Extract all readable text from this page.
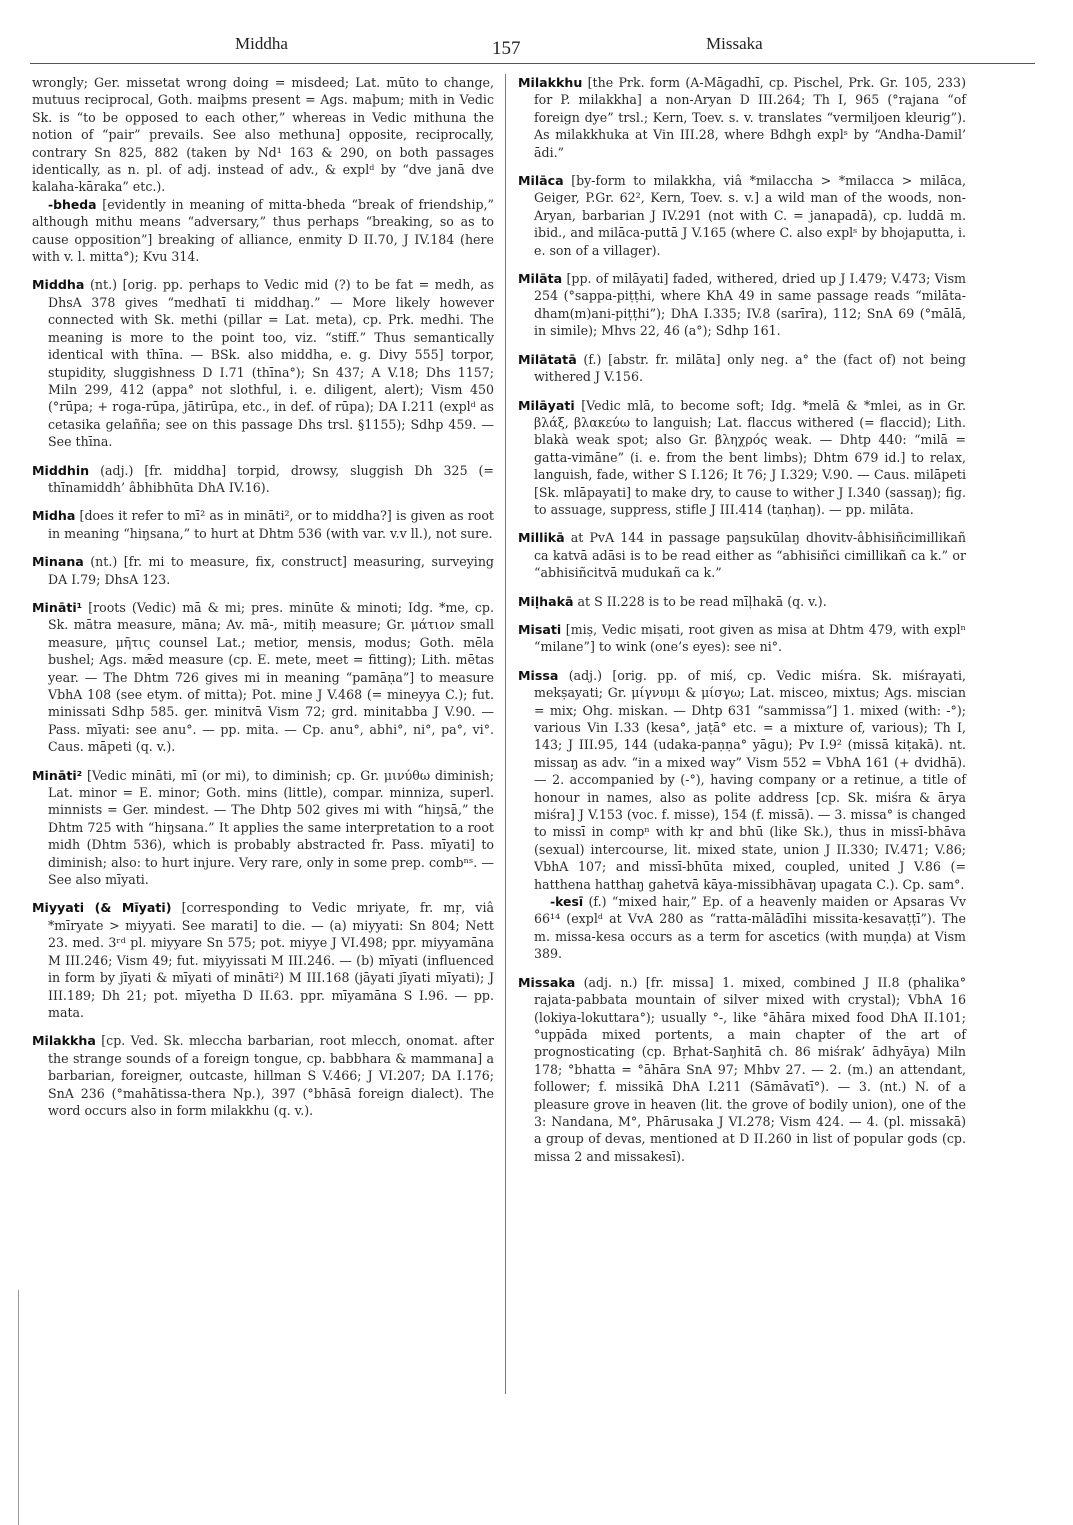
Middha	157	Missaka

wrongly; Ger. missetat wrong doing = misdeed; Lat. mūto to change, mutuus reciprocal, Goth. maiþms present = Ags. maþum; mith in Vedic Sk. is “to be opposed to each other,” whereas in Vedic mithuna the notion of “pair” prevails. See also methuna] opposite, reciprocally, contrary Sn 825, 882 (taken by Nd¹ 163 & 290, on both passages identically, as n. pl. of adj. instead of adv., & explᵈ by “dve janā dve kalaha-kāraka” etc.).
-bheda [evidently in meaning of mitta-bheda “break of friendship,” although mithu means “adversary,” thus perhaps “breaking, so as to cause opposition”] breaking of alliance, enmity D II.70, J IV.184 (here with v. l. mitta°); Kvu 314.

Middha (nt.) [orig. pp. perhaps to Vedic mid (?) to be fat = medh, as DhsA 378 gives “medhatī ti middhaŋ.” — More likely however connected with Sk. methi (pillar = Lat. meta), cp. Prk. medhi. The meaning is more to the point too, viz. “stiff.” Thus semantically identical with thīna. — BSk. also middha, e. g. Divy 555] torpor, stupidity, sluggishness D I.71 (thīna°); Sn 437; A V.18; Dhs 1157; Miln 299, 412 (appa° not slothful, i. e. diligent, alert); Vism 450 (°rūpa; + roga-rūpa, jātirūpa, etc., in def. of rūpa); DA I.211 (explᵈ as cetasika gelañña; see on this passage Dhs trsl. §1155); Sdhp 459. — See thīna.

Middhin (adj.) [fr. middha] torpid, drowsy, sluggish Dh 325 (= thīnamiddh’ âbhibhūta DhA IV.16).

Midha [does it refer to mī² as in mināti², or to middha?] is given as root in meaning “hiŋsana,” to hurt at Dhtm 536 (with var. v.v ll.), not sure.

Minana (nt.) [fr. mi to measure, fix, construct] measuring, surveying DA I.79; DhsA 123.

Mināti¹ [roots (Vedic) mā & mi; pres. minūte & minoti; Idg. *me, cp. Sk. mātra measure, māna; Av. mā-, mitiḥ measure; Gr. μάτιον small measure, μῆτις counsel Lat.; metior, mensis, modus; Goth. mēla bushel; Ags. mǣd measure (cp. E. mete, meet = fitting); Lith. mētas year. — The Dhtm 726 gives mi in meaning “pamāṇa”] to measure VbhA 108 (see etym. of mitta); Pot. mine J V.468 (= mineyya C.); fut. minissati Sdhp 585. ger. minitvā Vism 72; grd. minitabba J V.90. — Pass. mīyati: see anu°. — pp. mita. — Cp. anu°, abhi°, ni°, pa°, vi°. Caus. māpeti (q. v.).

Mināti² [Vedic mināti, mī (or mi), to diminish; cp. Gr. μινύθω diminish; Lat. minor = E. minor; Goth. mins (little), compar. minniza, superl. minnists = Ger. mindest. — The Dhtp 502 gives mi with “hiŋsā,” the Dhtm 725 with “hiŋsana.” It applies the same interpretation to a root midh (Dhtm 536), which is probably abstracted fr. Pass. mīyati] to diminish; also: to hurt injure. Very rare, only in some prep. combⁿˢ. — See also mīyati.

Miyyati (& Mīyati) [corresponding to Vedic mriyate, fr. mṛ, viâ *mīryate > miyyati. See marati] to die. — (a) miyyati: Sn 804; Nett 23. med. 3ʳᵈ pl. miyyare Sn 575; pot. miyye J VI.498; ppr. miyyamāna M III.246; Vism 49; fut. miyyissati M III.246. — (b) mīyati (influenced in form by jīyati & mīyati of mināti²) M III.168 (jāyati jīyati mīyati); J III.189; Dh 21; pot. mīyetha D II.63. ppr. mīyamāna S I.96. — pp. mata.

Milakkha [cp. Ved. Sk. mleccha barbarian, root mlecch, onomat. after the strange sounds of a foreign tongue, cp. babbhara & mammana] a barbarian, foreigner, outcaste, hillman S V.466; J VI.207; DA I.176; SnA 236 (°mahātissa-thera Np.), 397 (°bhāsā foreign dialect). The word occurs also in form milakkhu (q. v.).

Milakkhu [the Prk. form (A-Māgadhī, cp. Pischel, Prk. Gr. 105, 233) for P. milakkha] a non-Aryan D III.264; Th I, 965 (°rajana “of foreign dye” trsl.; Kern, Toev. s. v. translates “vermiljoen kleurig”). As milakkhuka at Vin III.28, where Bdhgh explˢ by “Andha-Damil’ ādi.”

Milāca [by-form to milakkha, viâ *milaccha > *milacca > milāca, Geiger, P.Gr. 62², Kern, Toev. s. v.] a wild man of the woods, non-Aryan, barbarian J IV.291 (not with C. = janapadā), cp. luddā m. ibid., and milāca-puttā J V.165 (where C. also explˢ by bhojaputta, i. e. son of a villager).

Milāta [pp. of milāyati] faded, withered, dried up J I.479; V.473; Vism 254 (°sappa-piṭṭhi, where KhA 49 in same passage reads “milāta-dham(m)ani-piṭṭhi”); DhA I.335; IV.8 (sarīra), 112; SnA 69 (°mālā, in simile); Mhvs 22, 46 (a°); Sdhp 161.

Milātatā (f.) [abstr. fr. milāta] only neg. a° the (fact of) not being withered J V.156.

Milāyati [Vedic mlā, to become soft; Idg. *melā & *mlei, as in Gr. βλάξ, βλακεύω to languish; Lat. flaccus withered (= flaccid); Lith. blakà weak spot; also Gr. βληχρός weak. — Dhtp 440: “milā = gatta-vimāne” (i. e. from the bent limbs); Dhtm 679 id.] to relax, languish, fade, wither S I.126; It 76; J I.329; V.90. — Caus. milāpeti [Sk. mlāpayati] to make dry, to cause to wither J I.340 (sassaŋ); fig. to assuage, suppress, stifle J III.414 (taṇhaŋ). — pp. milāta.

Millikā at PvA 144 in passage paŋsukūlaŋ dhovitv-âbhisiñcimillikañ ca katvā adāsi is to be read either as “abhisiñci cimillikañ ca k.” or “abhisiñcitvā mudukañ ca k.”

Miḷhakā at S II.228 is to be read mīḷhakā (q. v.).

Misati [miṣ, Vedic miṣati, root given as misa at Dhtm 479, with explⁿ “milane”] to wink (one’s eyes): see ni°.

Missa (adj.) [orig. pp. of miś, cp. Vedic miśra. Sk. miśrayati, mekṣayati; Gr. μίγνυμι & μίσγω; Lat. misceo, mixtus; Ags. miscian = mix; Ohg. miskan. — Dhtp 631 “sammissa”] 1. mixed (with: -°); various Vin I.33 (kesa°, jaṭā° etc. = a mixture of, various); Th I, 143; J III.95, 144 (udaka-paṇṇa° yāgu); Pv I.9² (missā kiṭakā). nt. missaŋ as adv. “in a mixed way” Vism 552 = VbhA 161 (+ dvidhā). — 2. accompanied by (-°), having company or a retinue, a title of honour in names, also as polite address [cp. Sk. miśra & ārya miśra] J V.153 (voc. f. misse), 154 (f. missā). — 3. missa° is changed to missī in compⁿ with kṛ and bhū (like Sk.), thus in missī-bhāva (sexual) intercourse, lit. mixed state, union J II.330; IV.471; V.86; VbhA 107; and missī-bhūta mixed, coupled, united J V.86 (= hatthena hatthaŋ gahetvā kāya-missibhāvaŋ upagata C.). Cp. sam°.
-kesī (f.) “mixed hair,” Ep. of a heavenly maiden or Apsaras Vv 66¹⁴ (explᵈ at VvA 280 as “ratta-mālādīhi missita-kesavaṭṭī”). The m. missa-kesa occurs as a term for ascetics (with muṇḍa) at Vism 389.

Missaka (adj. n.) [fr. missa] 1. mixed, combined J II.8 (phalika° rajata-pabbata mountain of silver mixed with crystal); VbhA 16 (lokiya-lokuttara°); usually °-, like °āhāra mixed food DhA II.101; °uppāda mixed portents, a main chapter of the art of prognosticating (cp. Bṛhat-Saŋhitā ch. 86 miśrak’ ādhyāya) Miln 178; °bhatta = °āhāra SnA 97; Mhbv 27. — 2. (m.) an attendant, follower; f. missikā DhA I.211 (Sāmāvatī°). — 3. (nt.) N. of a pleasure grove in heaven (lit. the grove of bodily union), one of the 3: Nandana, M°, Phārusaka J VI.278; Vism 424. — 4. (pl. missakā) a group of devas, mentioned at D II.260 in list of popular gods (cp. missa 2 and missakesī).
